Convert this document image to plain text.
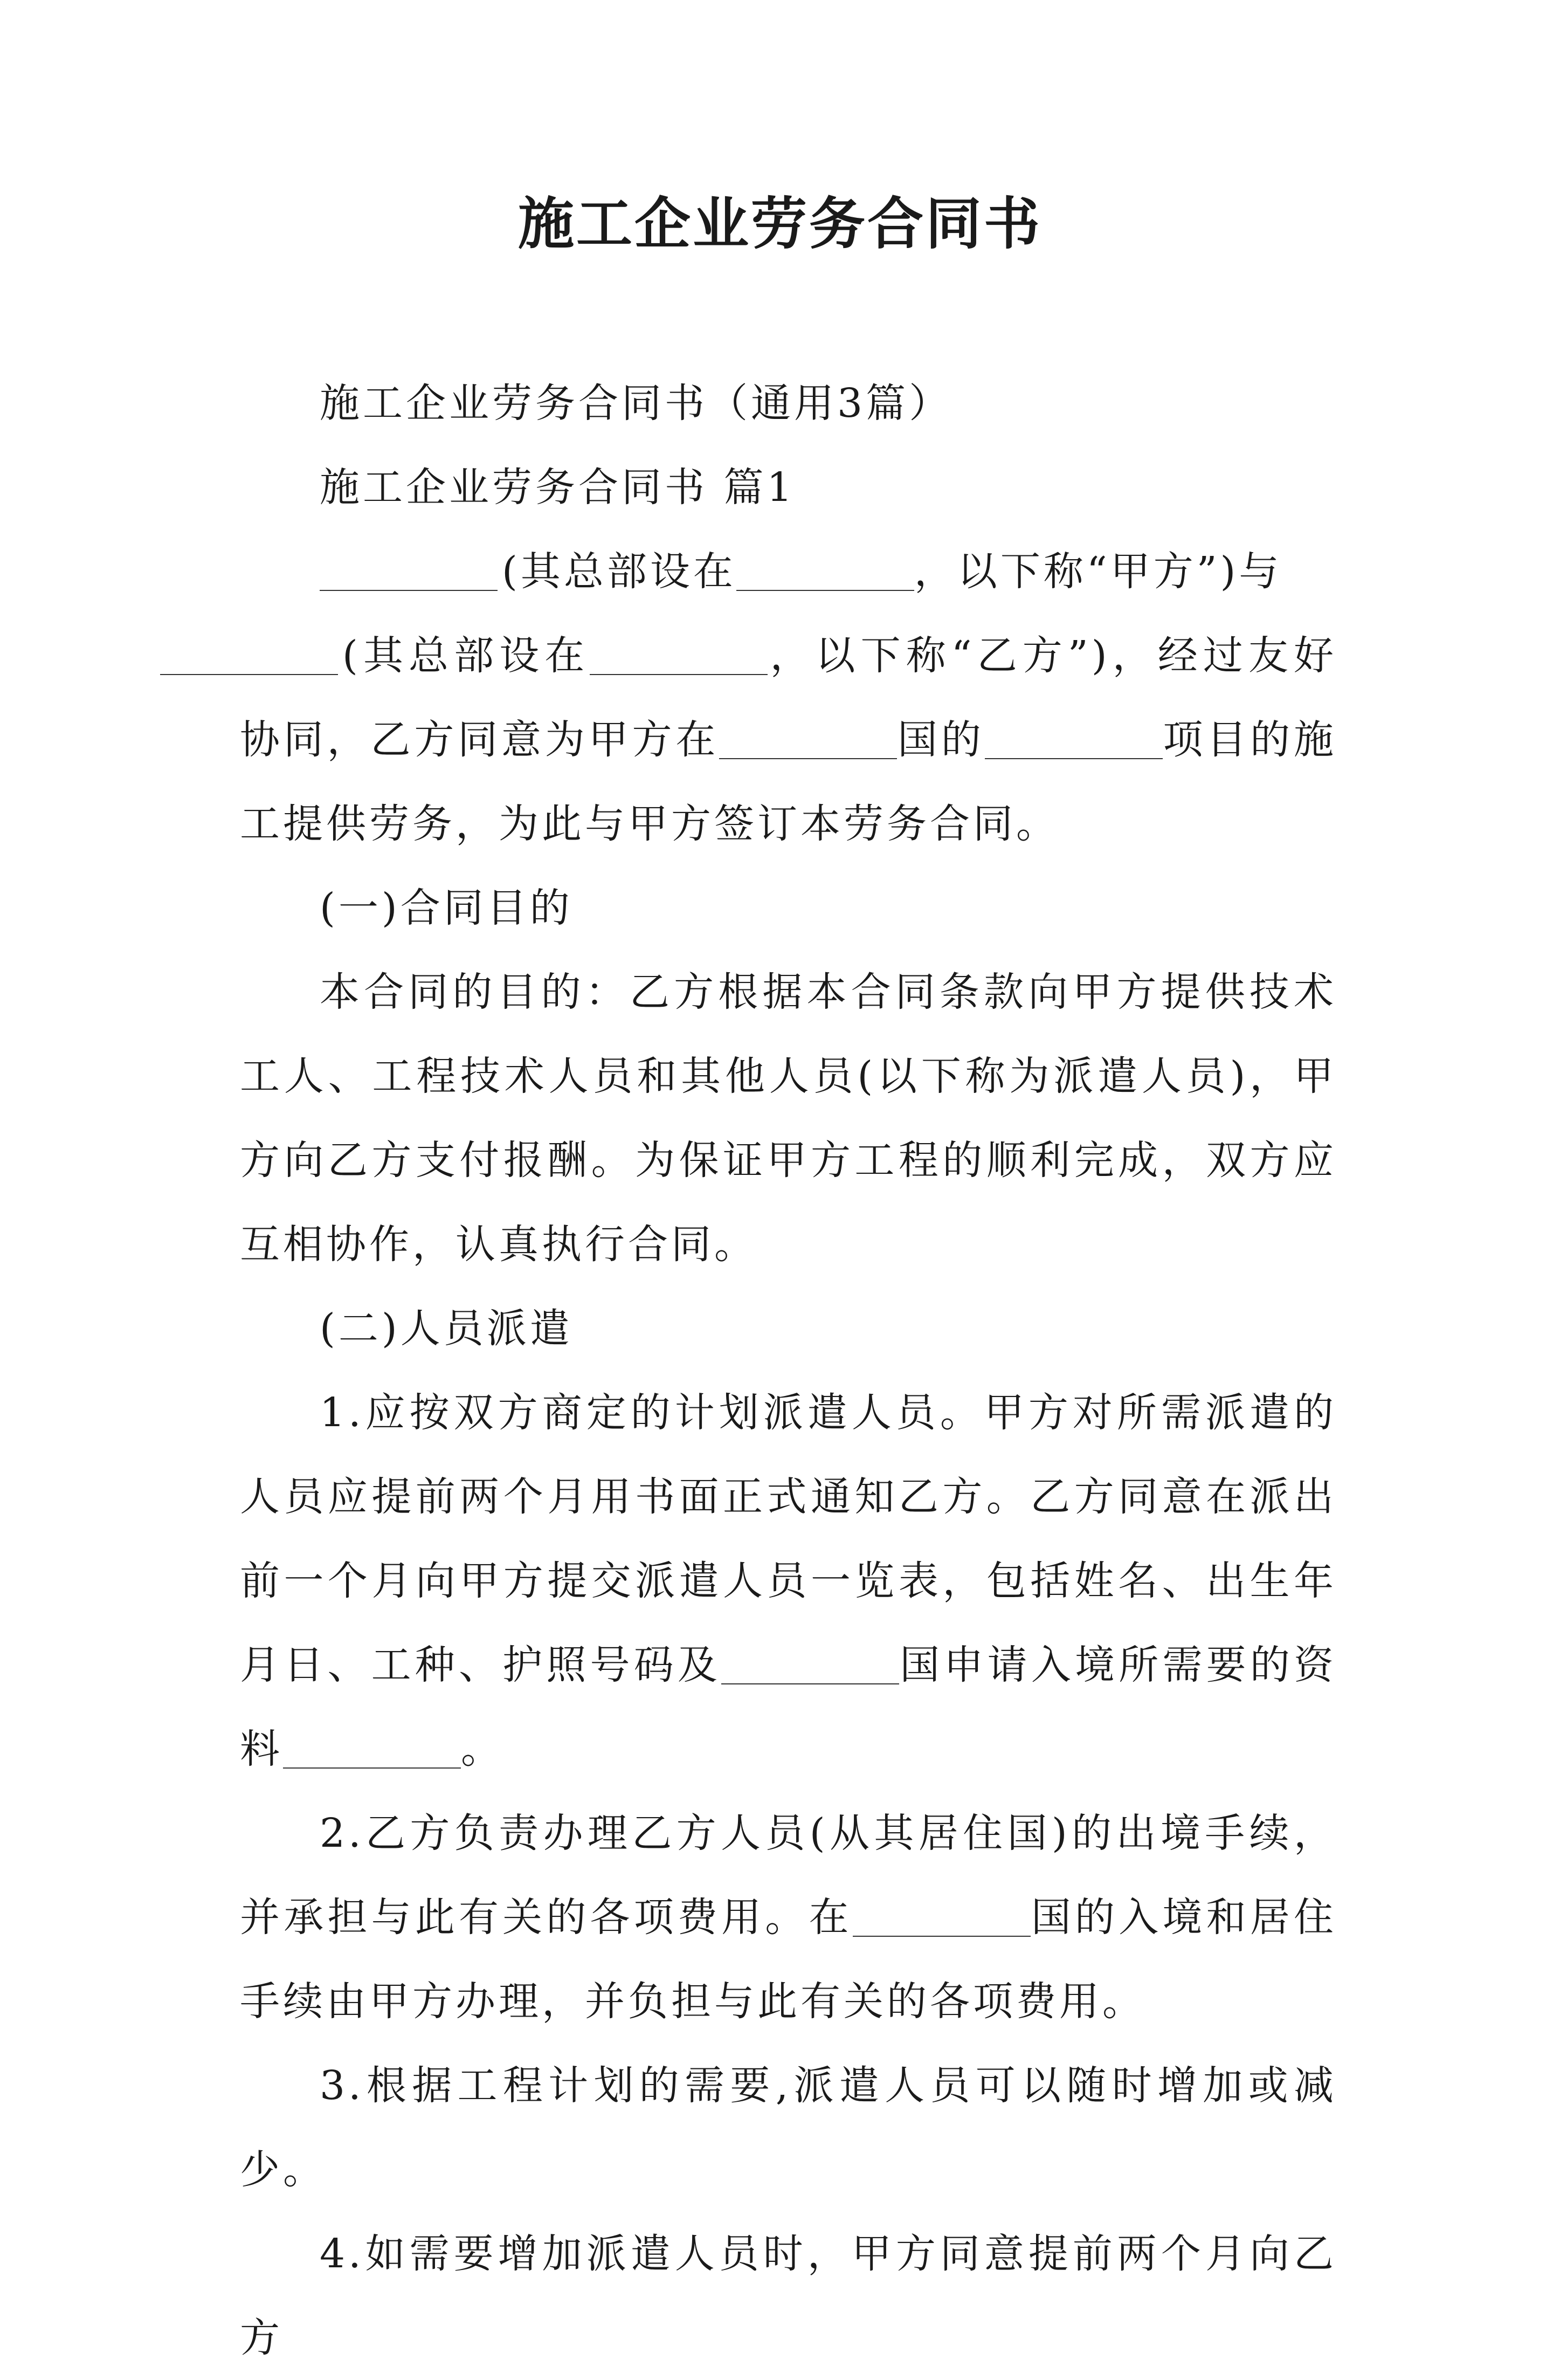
施工企业劳务合同书

施工企业劳务合同书（通用3篇）

施工企业劳务合同书 篇1

(其总部设在	，以下称“甲方”)与
(其总部设在	，以下称“乙方”)，经过友好协同，乙方同意为甲方在	国的	项目的施工提供劳务，为此与甲方签订本劳务合同。

(一)合同目的

本合同的目的：乙方根据本合同条款向甲方提供技术工人、工程技术人员和其他人员(以下称为派遣人员)，甲方向乙方支付报酬。为保证甲方工程的顺利完成，双方应互相协作，认真执行合同。

(二)人员派遣

1.应按双方商定的计划派遣人员。甲方对所需派遣的人员应提前两个月用书面正式通知乙方。乙方同意在派出前一个月向甲方提交派遣人员一览表，包括姓名、出生年月日、工种、护照号码及	国申请入境所需要的资料	。

2.乙方负责办理乙方人员(从其居住国)的出境手续，并承担与此有关的各项费用。在	国的入境和居住手续由甲方办理，并负担与此有关的各项费用。

3.根据工程计划的需要,派遣人员可以随时增加或减少。

4.如需要增加派遣人员时，甲方同意提前两个月向乙方
